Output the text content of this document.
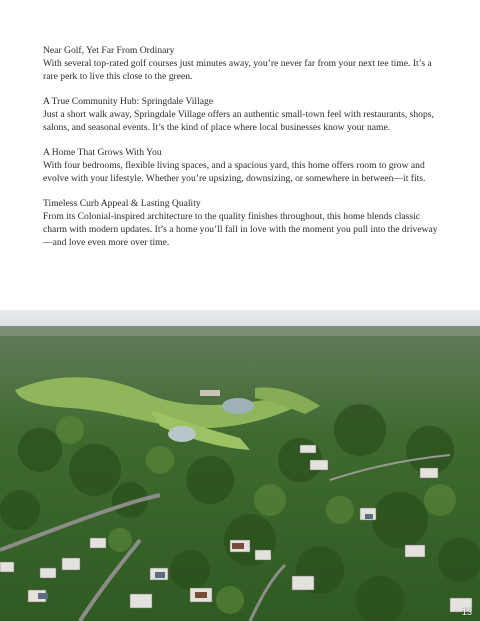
Near Golf, Yet Far From Ordinary

With several top-rated golf courses just minutes away, you’re never far from your next tee time. It’s a rare perk to live this close to the green.

A True Community Hub: Springdale Village

Just a short walk away, Springdale Village offers an authentic small-town feel with restaurants, shops, salons, and seasonal events. It’s the kind of place where local businesses know your name.

A Home That Grows With You

With four bedrooms, flexible living spaces, and a spacious yard, this home offers room to grow and evolve with your lifestyle. Whether you’re upsizing, downsizing, or somewhere in between—it fits.

Timeless Curb Appeal & Lasting Quality

From its Colonial-inspired architecture to the quality finishes throughout, this home blends classic charm with modern updates. It’s a home you’ll fall in love with the moment you pull into the driveway—and love even more over time.

13
